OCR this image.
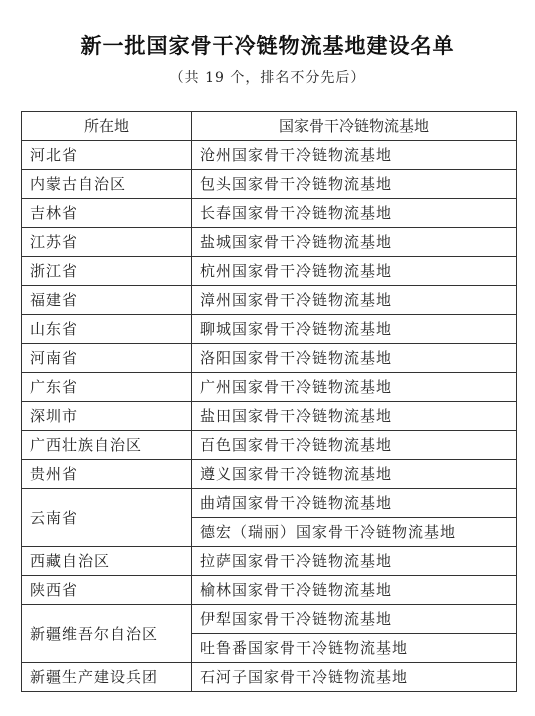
新一批国家骨干冷链物流基地建设名单
（共 19 个，排名不分先后）
所在地	国家骨干冷链物流基地
河北省	沧州国家骨干冷链物流基地
内蒙古自治区	包头国家骨干冷链物流基地
吉林省	长春国家骨干冷链物流基地
江苏省	盐城国家骨干冷链物流基地
浙江省	杭州国家骨干冷链物流基地
福建省	漳州国家骨干冷链物流基地
山东省	聊城国家骨干冷链物流基地
河南省	洛阳国家骨干冷链物流基地
广东省	广州国家骨干冷链物流基地
深圳市	盐田国家骨干冷链物流基地
广西壮族自治区	百色国家骨干冷链物流基地
贵州省	遵义国家骨干冷链物流基地
云南省	曲靖国家骨干冷链物流基地
	德宏（瑞丽）国家骨干冷链物流基地
西藏自治区	拉萨国家骨干冷链物流基地
陕西省	榆林国家骨干冷链物流基地
新疆维吾尔自治区	伊犁国家骨干冷链物流基地
	吐鲁番国家骨干冷链物流基地
新疆生产建设兵团	石河子国家骨干冷链物流基地
